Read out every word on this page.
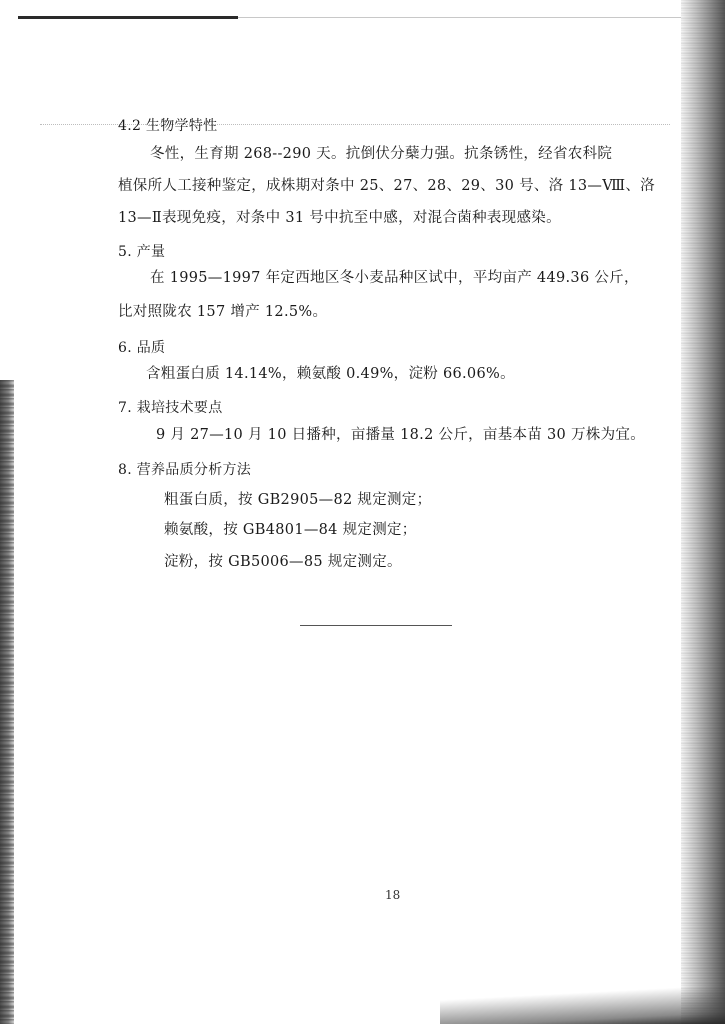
4.2 生物学特性
冬性，生育期 268--290 天。抗倒伏分蘖力强。抗条锈性，经省农科院
植保所人工接种鉴定，成株期对条中 25、27、28、29、30 号、洛 13—Ⅷ、洛
13—Ⅱ表现免疫，对条中 31 号中抗至中感，对混合菌种表现感染。
5. 产量
在 1995—1997 年定西地区冬小麦品种区试中，平均亩产 449.36 公斤，
比对照陇农 157 增产 12.5%。
6. 品质
含粗蛋白质 14.14%，赖氨酸 0.49%，淀粉 66.06%。
7. 栽培技术要点
9 月 27—10 月 10 日播种，亩播量 18.2 公斤，亩基本苗 30 万株为宜。
8. 营养品质分析方法
粗蛋白质，按 GB2905—82 规定测定；
赖氨酸，按 GB4801—84 规定测定；
淀粉，按 GB5006—85 规定测定。
18
